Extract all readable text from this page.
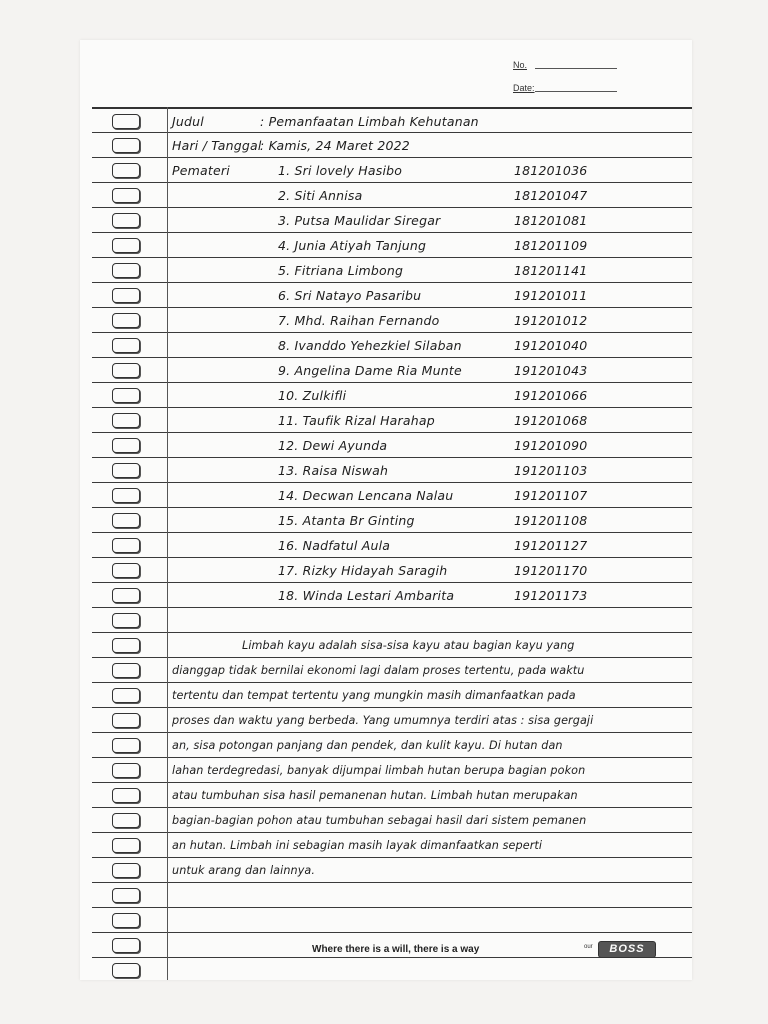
No.
Date:
Judul	: Pemanfaatan Limbah Kehutanan
Hari / Tanggal
: Kamis, 24 Maret 2022
Pemateri	1. Sri lovely Hasibo	181201036
2. Siti Annisa	181201047
3. Putsa Maulidar Siregar	181201081
4. Junia Atiyah Tanjung	181201109
5. Fitriana Limbong	181201141
6. Sri Natayo Pasaribu	191201011
7. Mhd. Raihan Fernando	191201012
8. Ivanddo Yehezkiel Silaban	191201040
9. Angelina Dame Ria Munte	191201043
10. Zulkifli	191201066
11. Taufik Rizal Harahap	191201068
12. Dewi Ayunda	191201090
13. Raisa Niswah	191201103
14. Decwan Lencana Nalau	191201107
15. Atanta Br Ginting	191201108
16. Nadfatul Aula	191201127
17. Rizky Hidayah Saragih	191201170
18. Winda Lestari Ambarita	191201173
Limbah kayu adalah sisa-sisa kayu atau bagian kayu yang
dianggap tidak bernilai ekonomi lagi dalam proses tertentu, pada waktu
tertentu dan tempat tertentu yang mungkin masih dimanfaatkan pada
proses dan waktu yang berbeda. Yang umumnya terdiri atas : sisa gergaji
an, sisa potongan panjang dan pendek, dan kulit kayu. Di hutan dan
lahan terdegredasi, banyak dijumpai limbah hutan berupa bagian pokon
atau tumbuhan sisa hasil pemanenan hutan. Limbah hutan merupakan
bagian-bagian pohon atau tumbuhan sebagai hasil dari sistem pemanen
an hutan. Limbah ini sebagian masih layak dimanfaatkan seperti
untuk arang dan lainnya.
Where there is a will, there is a way	our	BOSS
